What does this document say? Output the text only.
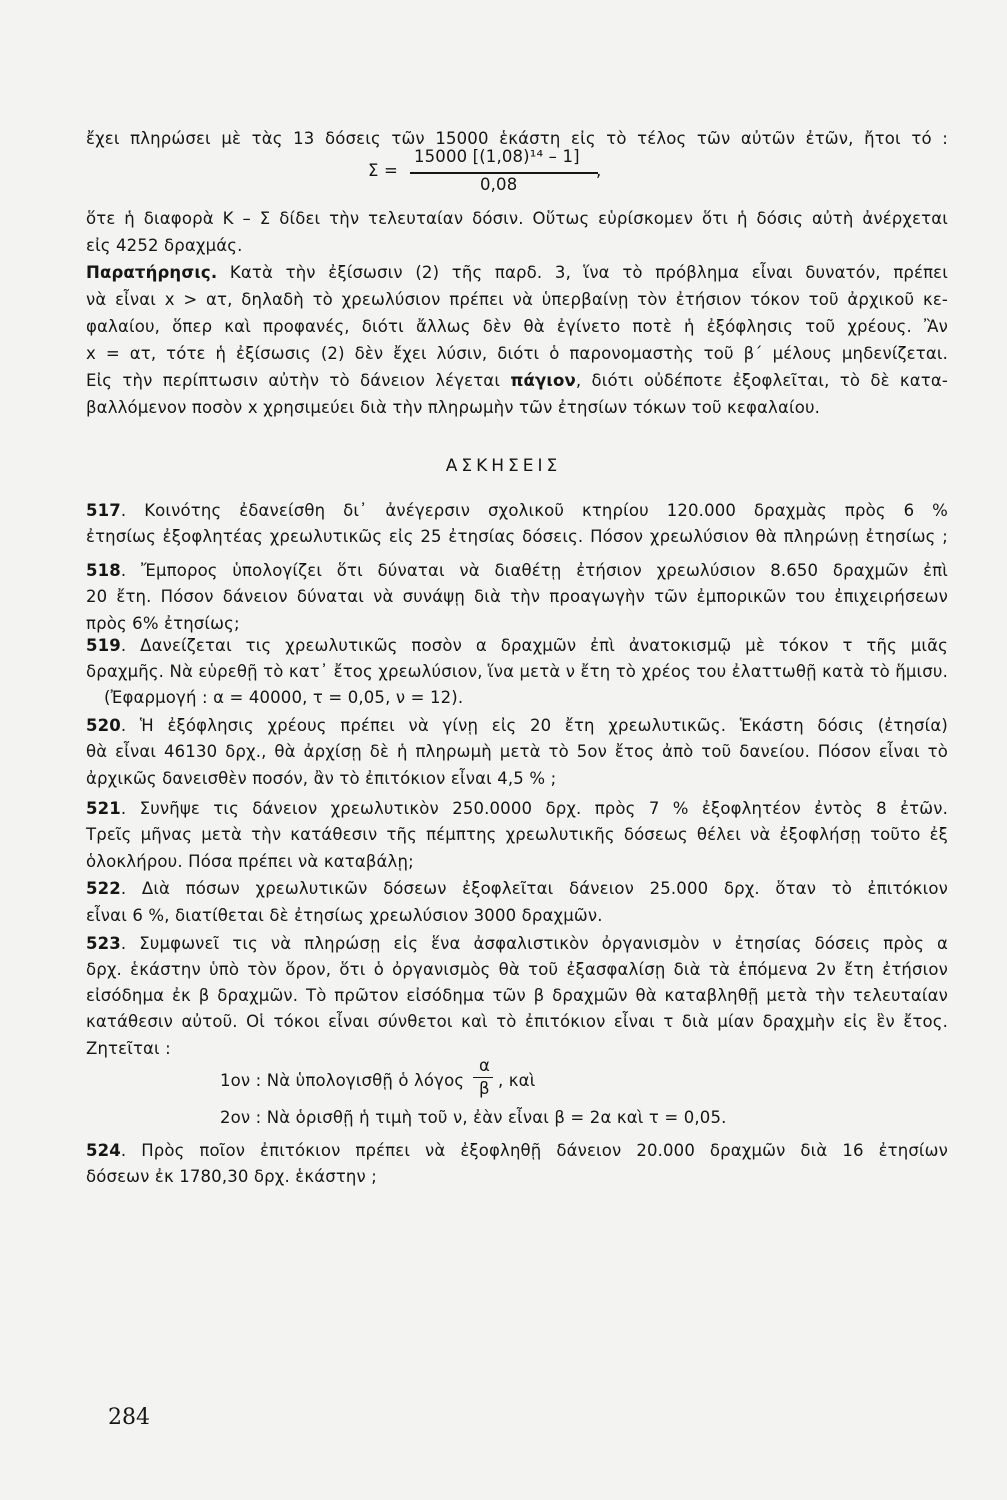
ἔχει πληρώσει μὲ τὰς 13 δόσεις τῶν 15000 ἑκάστη εἰς τὸ τέλος τῶν αὐτῶν ἐτῶν, ἤτοι τό :
Σ =
15000 [(1,08)¹⁴ – 1]
,
0,08
ὅτε ἡ διαφορὰ Κ – Σ δίδει τὴν τελευταίαν δόσιν. Οὕτως εὑρίσκομεν ὅτι ἡ δόσις αὐτὴ ἀνέρχεται
εἰς 4252 δραχμάς.
Παρατήρησις. Κατὰ τὴν ἐξίσωσιν (2) τῆς παρδ. 3, ἵνα τὸ πρόβλημα εἶναι δυνατόν, πρέπει
νὰ εἶναι x > ατ, δηλαδὴ τὸ χρεωλύσιον πρέπει νὰ ὑπερβαίνῃ τὸν ἐτήσιον τόκον τοῦ ἀρχικοῦ κε-
φαλαίου, ὅπερ καὶ προφανές, διότι ἄλλως δὲν θὰ ἐγίνετο ποτὲ ἡ ἐξόφλησις τοῦ χρέους. Ἂν
x = ατ, τότε ἡ ἐξίσωσις (2) δὲν ἔχει λύσιν, διότι ὁ παρονομαστὴς τοῦ β΄ μέλους μηδενίζεται.
Εἰς τὴν περίπτωσιν αὐτὴν τὸ δάνειον λέγεται πάγιον, διότι οὐδέποτε ἐξοφλεῖται, τὸ δὲ κατα-
βαλλόμενον ποσὸν x χρησιμεύει διὰ τὴν πληρωμὴν τῶν ἐτησίων τόκων τοῦ κεφαλαίου.
ΑΣΚΗΣΕΙΣ
517. Κοινότης ἐδανείσθη δι᾽ ἀνέγερσιν σχολικοῦ κτηρίου 120.000 δραχμὰς πρὸς 6 %
ἐτησίως ἐξοφλητέας χρεωλυτικῶς εἰς 25 ἐτησίας δόσεις. Πόσον χρεωλύσιον θὰ πληρώνῃ ἐτησίως ;
518. Ἔμπορος ὑπολογίζει ὅτι δύναται νὰ διαθέτῃ ἐτήσιον χρεωλύσιον 8.650 δραχμῶν ἐπὶ
20 ἔτη. Πόσον δάνειον δύναται νὰ συνάψῃ διὰ τὴν προαγωγὴν τῶν ἐμπορικῶν του ἐπιχειρήσεων
πρὸς 6% ἐτησίως;
519. Δανείζεται τις χρεωλυτικῶς ποσὸν α δραχμῶν ἐπὶ ἀνατοκισμῷ μὲ τόκον τ τῆς μιᾶς
δραχμῆς. Νὰ εὑρεθῇ τὸ κατ᾽ ἔτος χρεωλύσιον, ἵνα μετὰ ν ἔτη τὸ χρέος του ἐλαττωθῇ κατὰ τὸ ἥμισυ.
(Ἐφαρμογή : α = 40000, τ = 0,05, ν = 12).
520. Ἡ ἐξόφλησις χρέους πρέπει νὰ γίνῃ εἰς 20 ἔτη χρεωλυτικῶς. Ἑκάστη δόσις (ἐτησία)
θὰ εἶναι 46130 δρχ., θὰ ἀρχίσῃ δὲ ἡ πληρωμὴ μετὰ τὸ 5ον ἔτος ἀπὸ τοῦ δανείου. Πόσον εἶναι τὸ
ἀρχικῶς δανεισθὲν ποσόν, ἂν τὸ ἐπιτόκιον εἶναι 4,5 % ;
521. Συνῆψε τις δάνειον χρεωλυτικὸν 250.0000 δρχ. πρὸς 7 % ἐξοφλητέον ἐντὸς 8 ἐτῶν.
Τρεῖς μῆνας μετὰ τὴν κατάθεσιν τῆς πέμπτης χρεωλυτικῆς δόσεως θέλει νὰ ἐξοφλήσῃ τοῦτο ἐξ
ὁλοκλήρου. Πόσα πρέπει νὰ καταβάλῃ;
522. Διὰ πόσων χρεωλυτικῶν δόσεων ἐξοφλεῖται δάνειον 25.000 δρχ. ὅταν τὸ ἐπιτόκιον
εἶναι 6 %, διατίθεται δὲ ἐτησίως χρεωλύσιον 3000 δραχμῶν.
523. Συμφωνεῖ τις νὰ πληρώσῃ εἰς ἕνα ἀσφαλιστικὸν ὀργανισμὸν ν ἐτησίας δόσεις πρὸς α
δρχ. ἑκάστην ὑπὸ τὸν ὅρον, ὅτι ὁ ὀργανισμὸς θὰ τοῦ ἐξασφαλίσῃ διὰ τὰ ἑπόμενα 2ν ἔτη ἐτήσιον
εἰσόδημα ἐκ β δραχμῶν. Τὸ πρῶτον εἰσόδημα τῶν β δραχμῶν θὰ καταβληθῇ μετὰ τὴν τελευταίαν
κατάθεσιν αὐτοῦ. Οἱ τόκοι εἶναι σύνθετοι καὶ τὸ ἐπιτόκιον εἶναι τ διὰ μίαν δραχμὴν εἰς ἓν ἔτος.
Ζητεῖται :
1ον : Νὰ ὑπολογισθῇ ὁ λόγος
α
β , καὶ
2ον : Νὰ ὁρισθῇ ἡ τιμὴ τοῦ ν, ἐὰν εἶναι β = 2α καὶ τ = 0,05.
524. Πρὸς ποῖον ἐπιτόκιον πρέπει νὰ ἐξοφληθῇ δάνειον 20.000 δραχμῶν διὰ 16 ἐτησίων
δόσεων ἐκ 1780,30 δρχ. ἑκάστην ;
284
